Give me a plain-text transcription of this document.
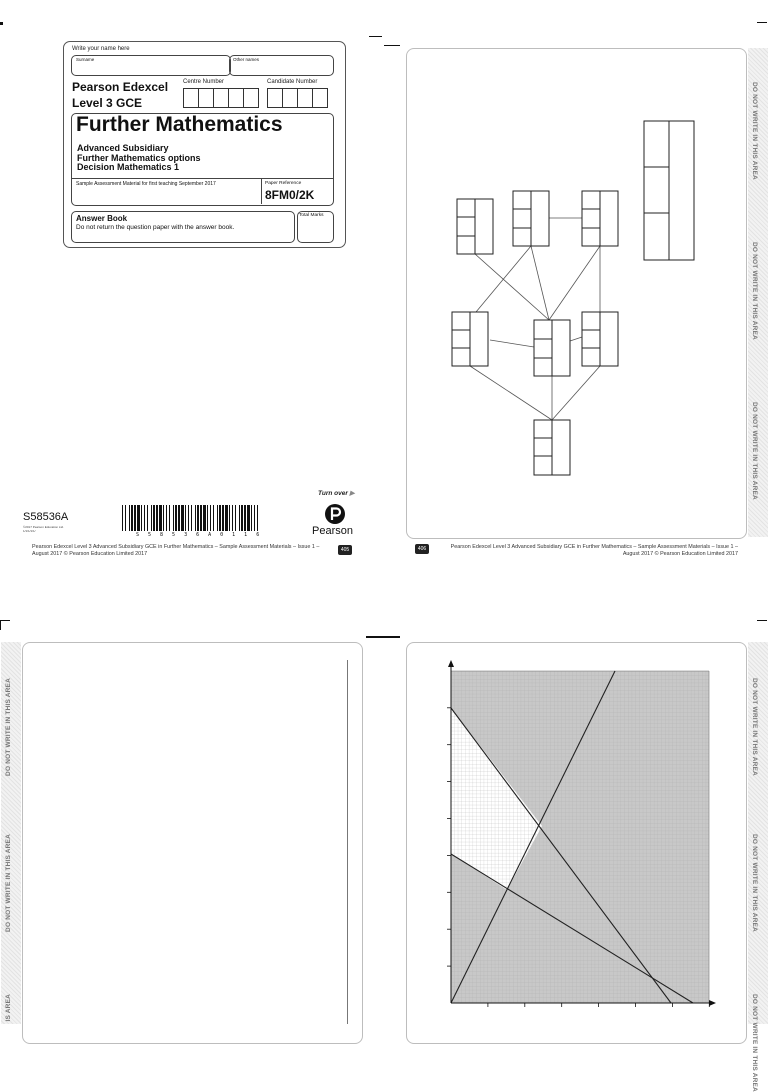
Write your name here
Surname	Other names
Pearson Edexcel
Level 3 GCE
Centre Number	Candidate Number
Further Mathematics
Advanced Subsidiary
Further Mathematics options
Decision Mathematics 1
Sample Assessment Material for first teaching September 2017	Paper Reference
8FM0/2K
Answer Book
Do not return the question paper with the answer book.
Total Marks
Turn over ▶
S58536A
©2017 Pearson Education Ltd. 1/1/1/1/1/
S 5 8 5 3 6 A 0 1 1 6	Pearson
Pearson Edexcel Level 3 Advanced Subsidiary GCE in Further Mathematics – Sample Assessment Materials – Issue 1 – August 2017 © Pearson Education Limited 2017
405	406	Pearson Edexcel Level 3 Advanced Subsidiary GCE in Further Mathematics – Sample Assessment Materials – Issue 1 – August 2017 © Pearson Education Limited 2017
DO NOT WRITE IN THIS AREA
DO NOT WRITE IN THIS AREA
DO NOT WRITE IN THIS AREA
DO NOT WRITE IN THIS AREA
DO NOT WRITE IN THIS AREA
IS AREA
DO NOT WRITE IN THIS AREA
DO NOT WRITE IN THIS AREA
DO NOT WRITE IN THIS AREA
